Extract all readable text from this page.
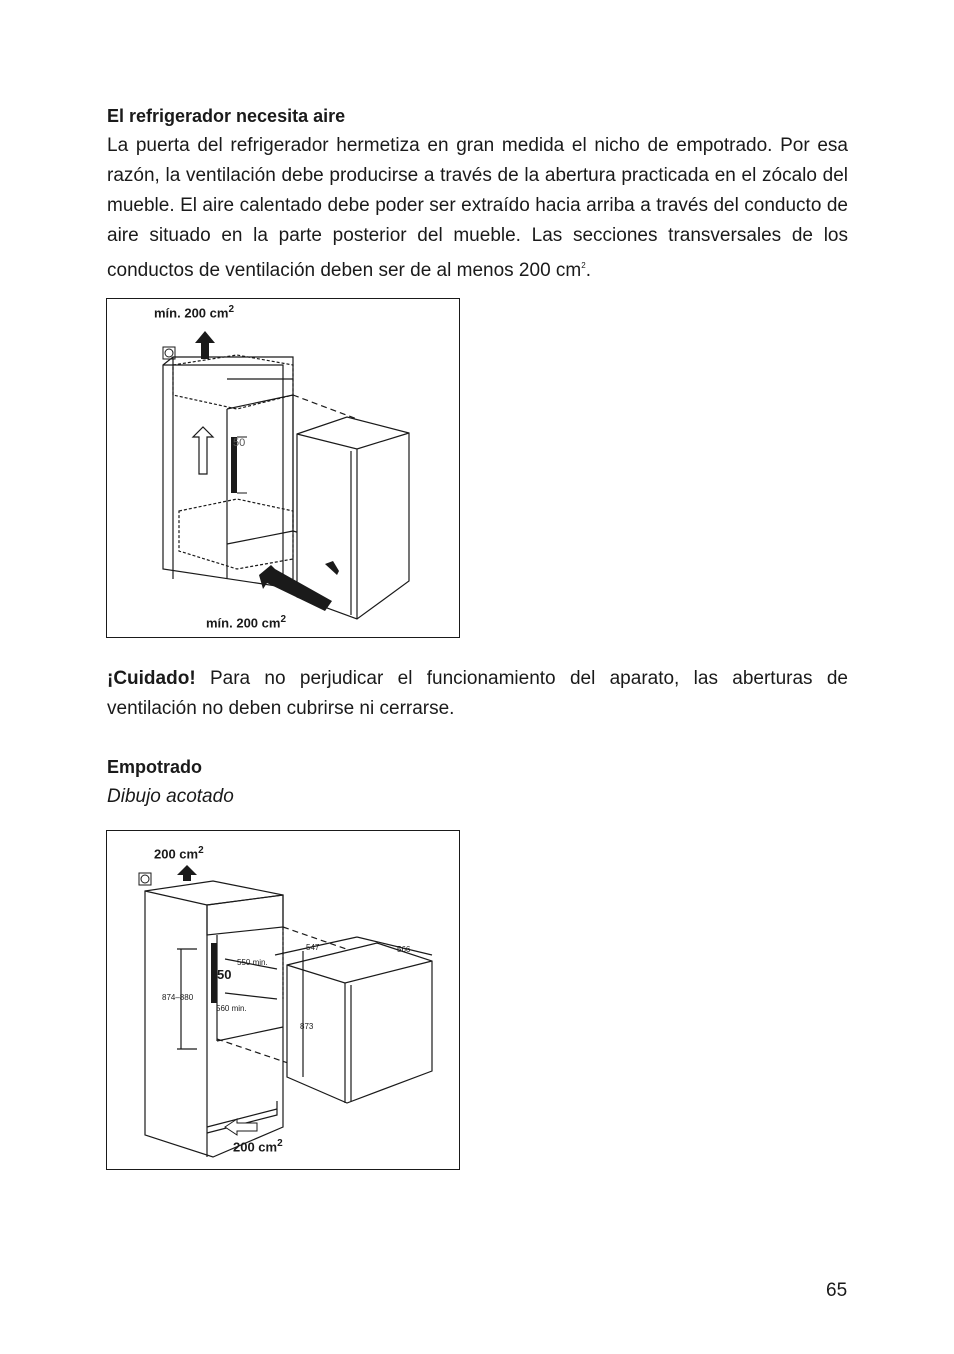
El refrigerador necesita aire

La puerta del refrigerador hermetiza en gran medida el nicho de empotrado. Por esa razón, la ventilación debe producirse a través de la abertura practicada en el zócalo del mueble. El aire calentado debe poder ser extraído hacia arriba a través del conducto de aire situado en la parte posterior del mueble. Las secciones transversales de los conductos de ventilación deben ser de al menos 200 $cm^2$.

mín. 200 $cm^2$
50
mín. 200 $cm^2$

¡Cuidado! Para no perjudicar el funcionamiento del aparato, las aberturas de ventilación no deben cubrirse ni cerrarse.

Empotrado

Dibujo acotado

200 $cm^2$
50
547	566
550 min.
874–880
560 min.
873
200 $cm^2$
65
